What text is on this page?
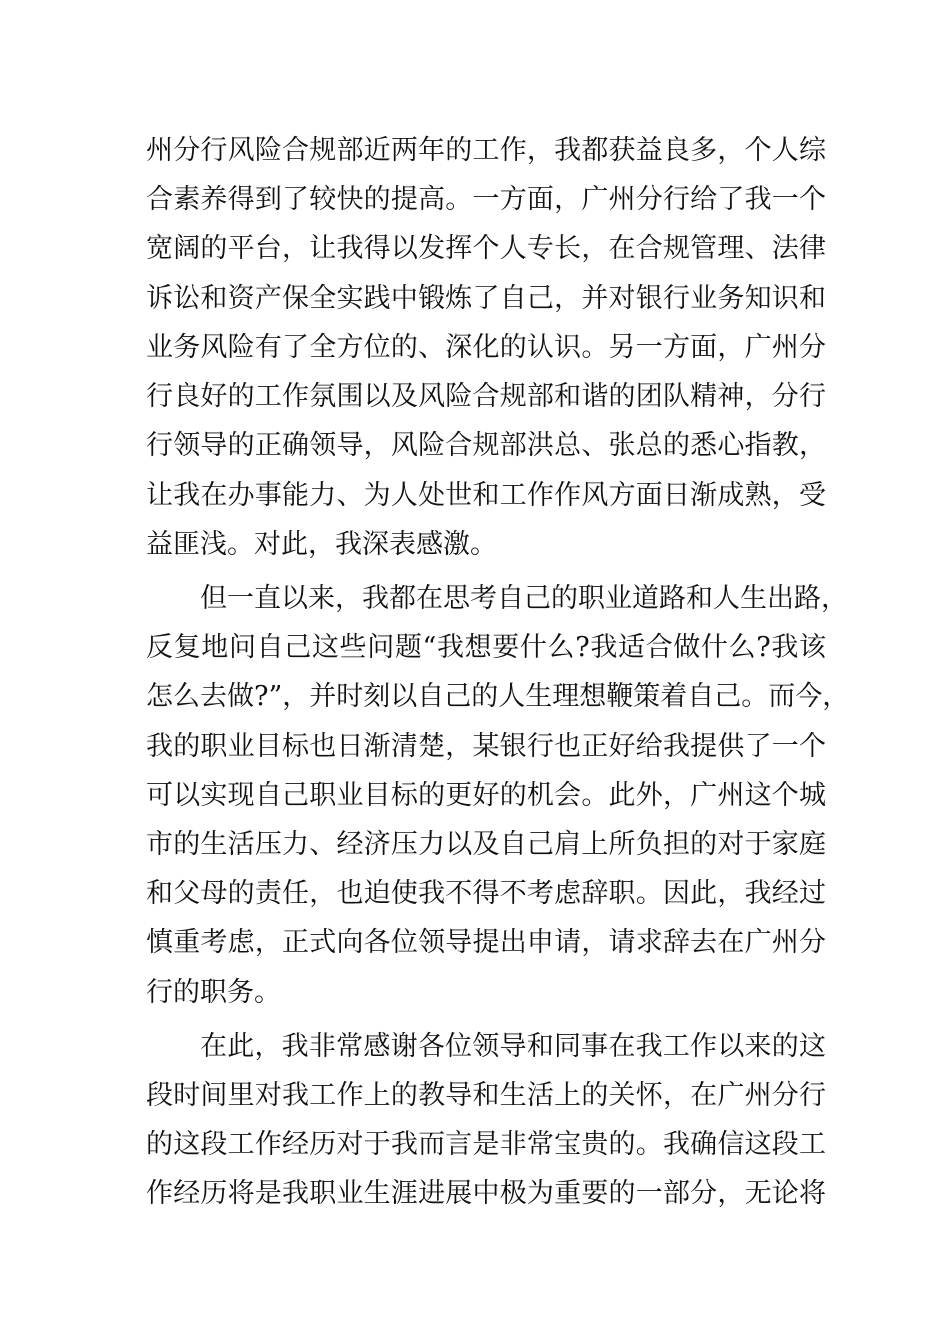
州分行风险合规部近两年的工作，我都获益良多，个人综
合素养得到了较快的提高。一方面，广州分行给了我一个
宽阔的平台，让我得以发挥个人专长，在合规管理、法律
诉讼和资产保全实践中锻炼了自己，并对银行业务知识和
业务风险有了全方位的、深化的认识。另一方面，广州分
行良好的工作氛围以及风险合规部和谐的团队精神，分行
行领导的正确领导，风险合规部洪总、张总的悉心指教，
让我在办事能力、为人处世和工作作风方面日渐成熟，受
益匪浅。对此，我深表感激。
但一直以来，我都在思考自己的职业道路和人生出路，
反复地问自己这些问题“我想要什么?我适合做什么?我该
怎么去做?”，并时刻以自己的人生理想鞭策着自己。而今，
我的职业目标也日渐清楚，某银行也正好给我提供了一个
可以实现自己职业目标的更好的机会。此外，广州这个城
市的生活压力、经济压力以及自己肩上所负担的对于家庭
和父母的责任，也迫使我不得不考虑辞职。因此，我经过
慎重考虑，正式向各位领导提出申请，请求辞去在广州分
行的职务。
在此，我非常感谢各位领导和同事在我工作以来的这
段时间里对我工作上的教导和生活上的关怀，在广州分行
的这段工作经历对于我而言是非常宝贵的。我确信这段工
作经历将是我职业生涯进展中极为重要的一部分，无论将
